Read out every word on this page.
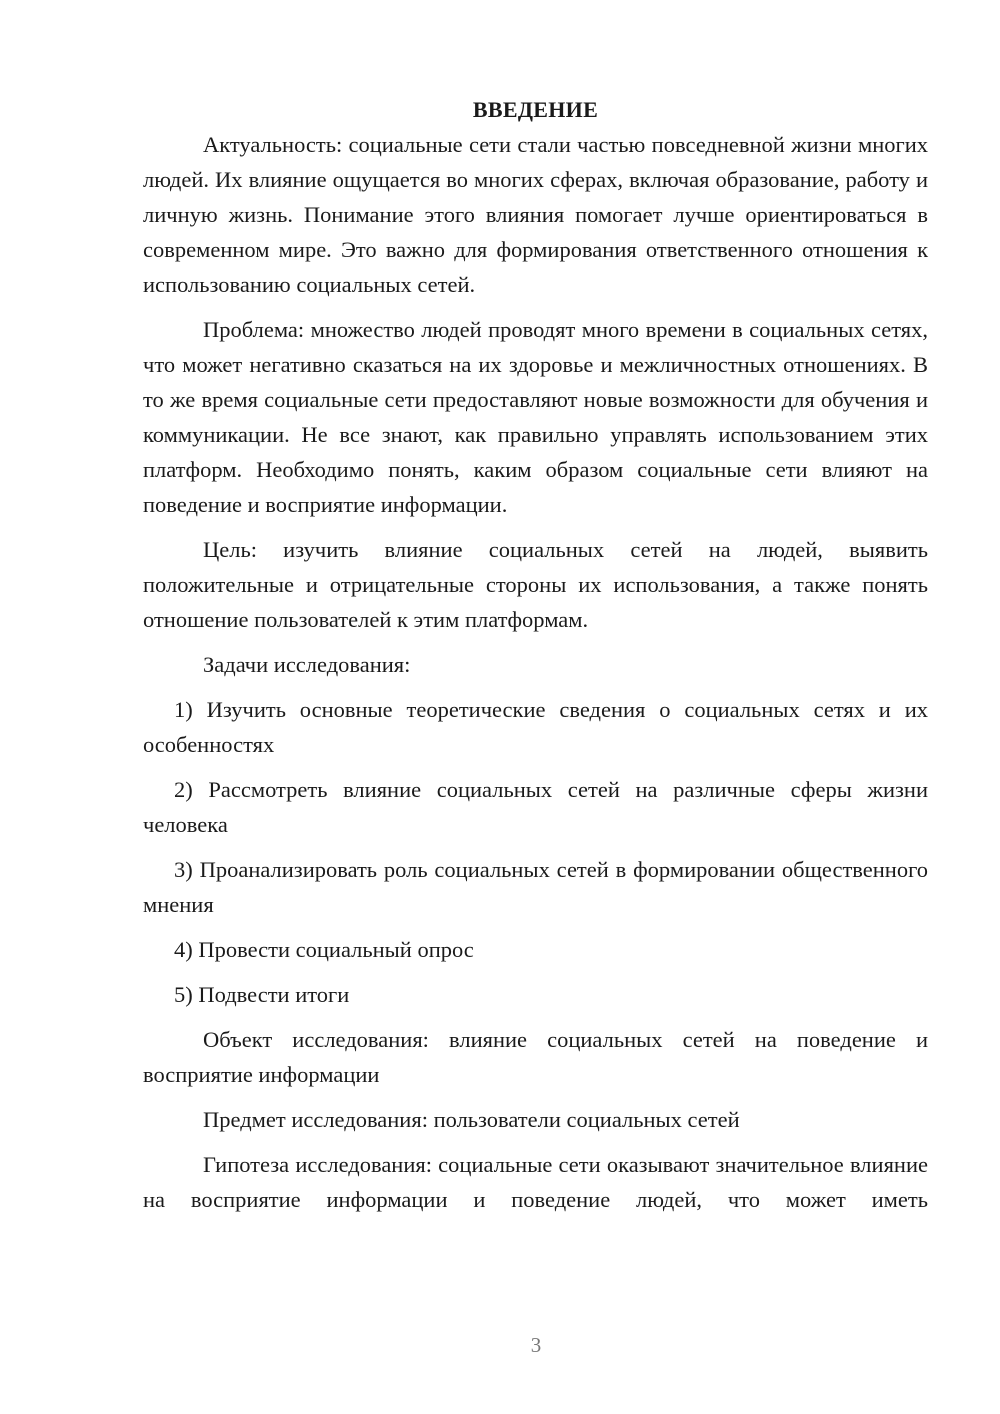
ВВЕДЕНИЕ

Актуальность: социальные сети стали частью повседневной жизни многих людей. Их влияние ощущается во многих сферах, включая образование, работу и личную жизнь. Понимание этого влияния помогает лучше ориентироваться в современном мире. Это важно для формирования ответственного отношения к использованию социальных сетей.

Проблема: множество людей проводят много времени в социальных сетях, что может негативно сказаться на их здоровье и межличностных отношениях. В то же время социальные сети предоставляют новые возможности для обучения и коммуникации. Не все знают, как правильно управлять использованием этих платформ. Необходимо понять, каким образом социальные сети влияют на поведение и восприятие информации.

Цель: изучить влияние социальных сетей на людей, выявить положительные и отрицательные стороны их использования, а также понять отношение пользователей к этим платформам.

Задачи исследования:

1) Изучить основные теоретические сведения о социальных сетях и их особенностях

2) Рассмотреть влияние социальных сетей на различные сферы жизни человека

3) Проанализировать роль социальных сетей в формировании общественного мнения

4) Провести социальный опрос

5) Подвести итоги

Объект исследования: влияние социальных сетей на поведение и восприятие информации

Предмет исследования: пользователи социальных сетей

Гипотеза исследования: социальные сети оказывают значительное влияние на восприятие информации и поведение людей, что может иметь

3
